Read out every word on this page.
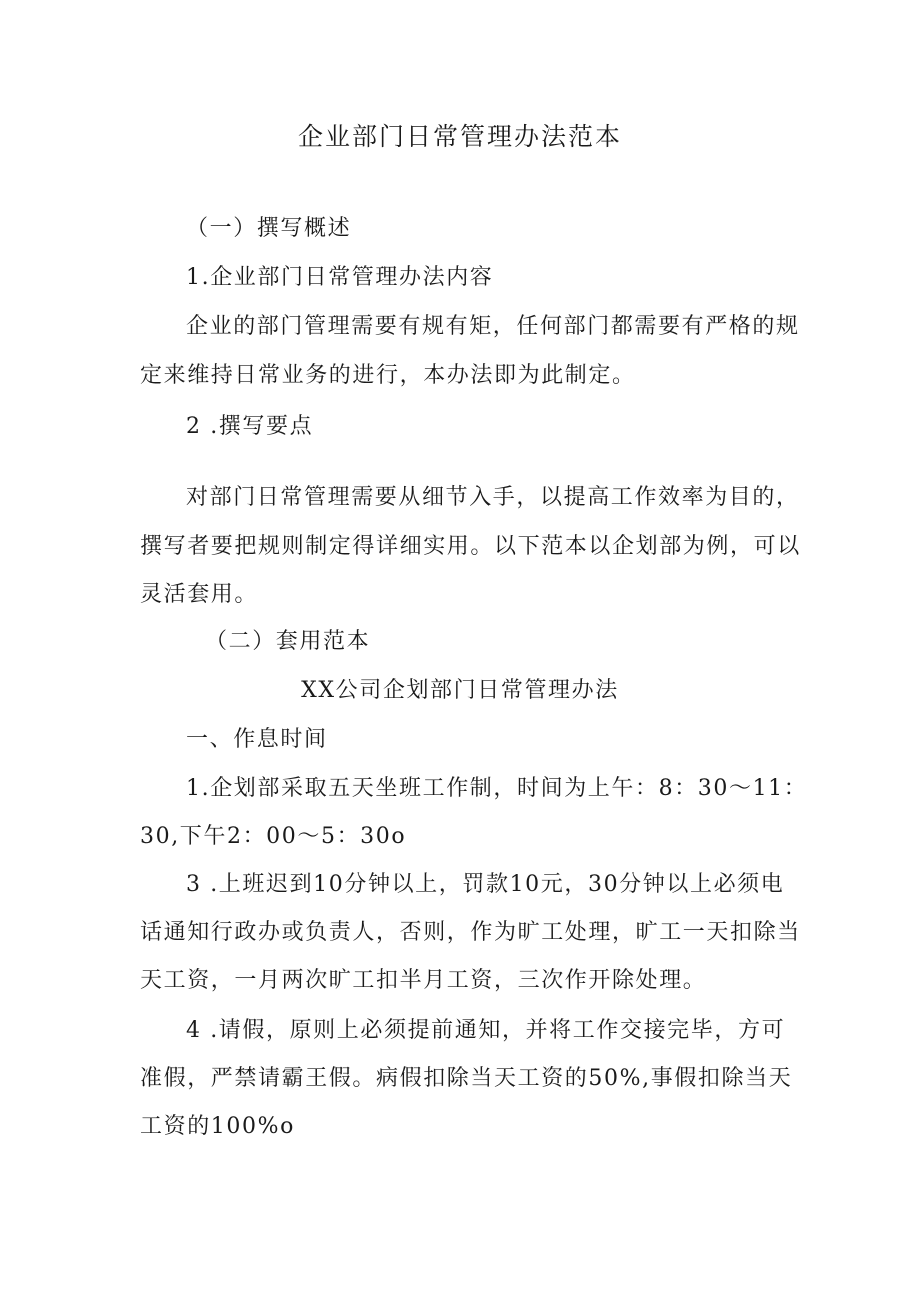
企业部门日常管理办法范本
（一）撰写概述
1.企业部门日常管理办法内容
企业的部门管理需要有规有矩，任何部门都需要有严格的规
定来维持日常业务的进行，本办法即为此制定。
2 .撰写要点
对部门日常管理需要从细节入手，以提高工作效率为目的，
撰写者要把规则制定得详细实用。以下范本以企划部为例，可以
灵活套用。
（二）套用范本
XX公司企划部门日常管理办法
一、作息时间
1.企划部采取五天坐班工作制，时间为上午：8：30～11：
30,下午2：00～5：30o
3 .上班迟到10分钟以上，罚款10元，30分钟以上必须电
话通知行政办或负责人，否则，作为旷工处理，旷工一天扣除当
天工资，一月两次旷工扣半月工资，三次作开除处理。
4 .请假，原则上必须提前通知，并将工作交接完毕，方可
准假，严禁请霸王假。病假扣除当天工资的50%,事假扣除当天
工资的100%o
